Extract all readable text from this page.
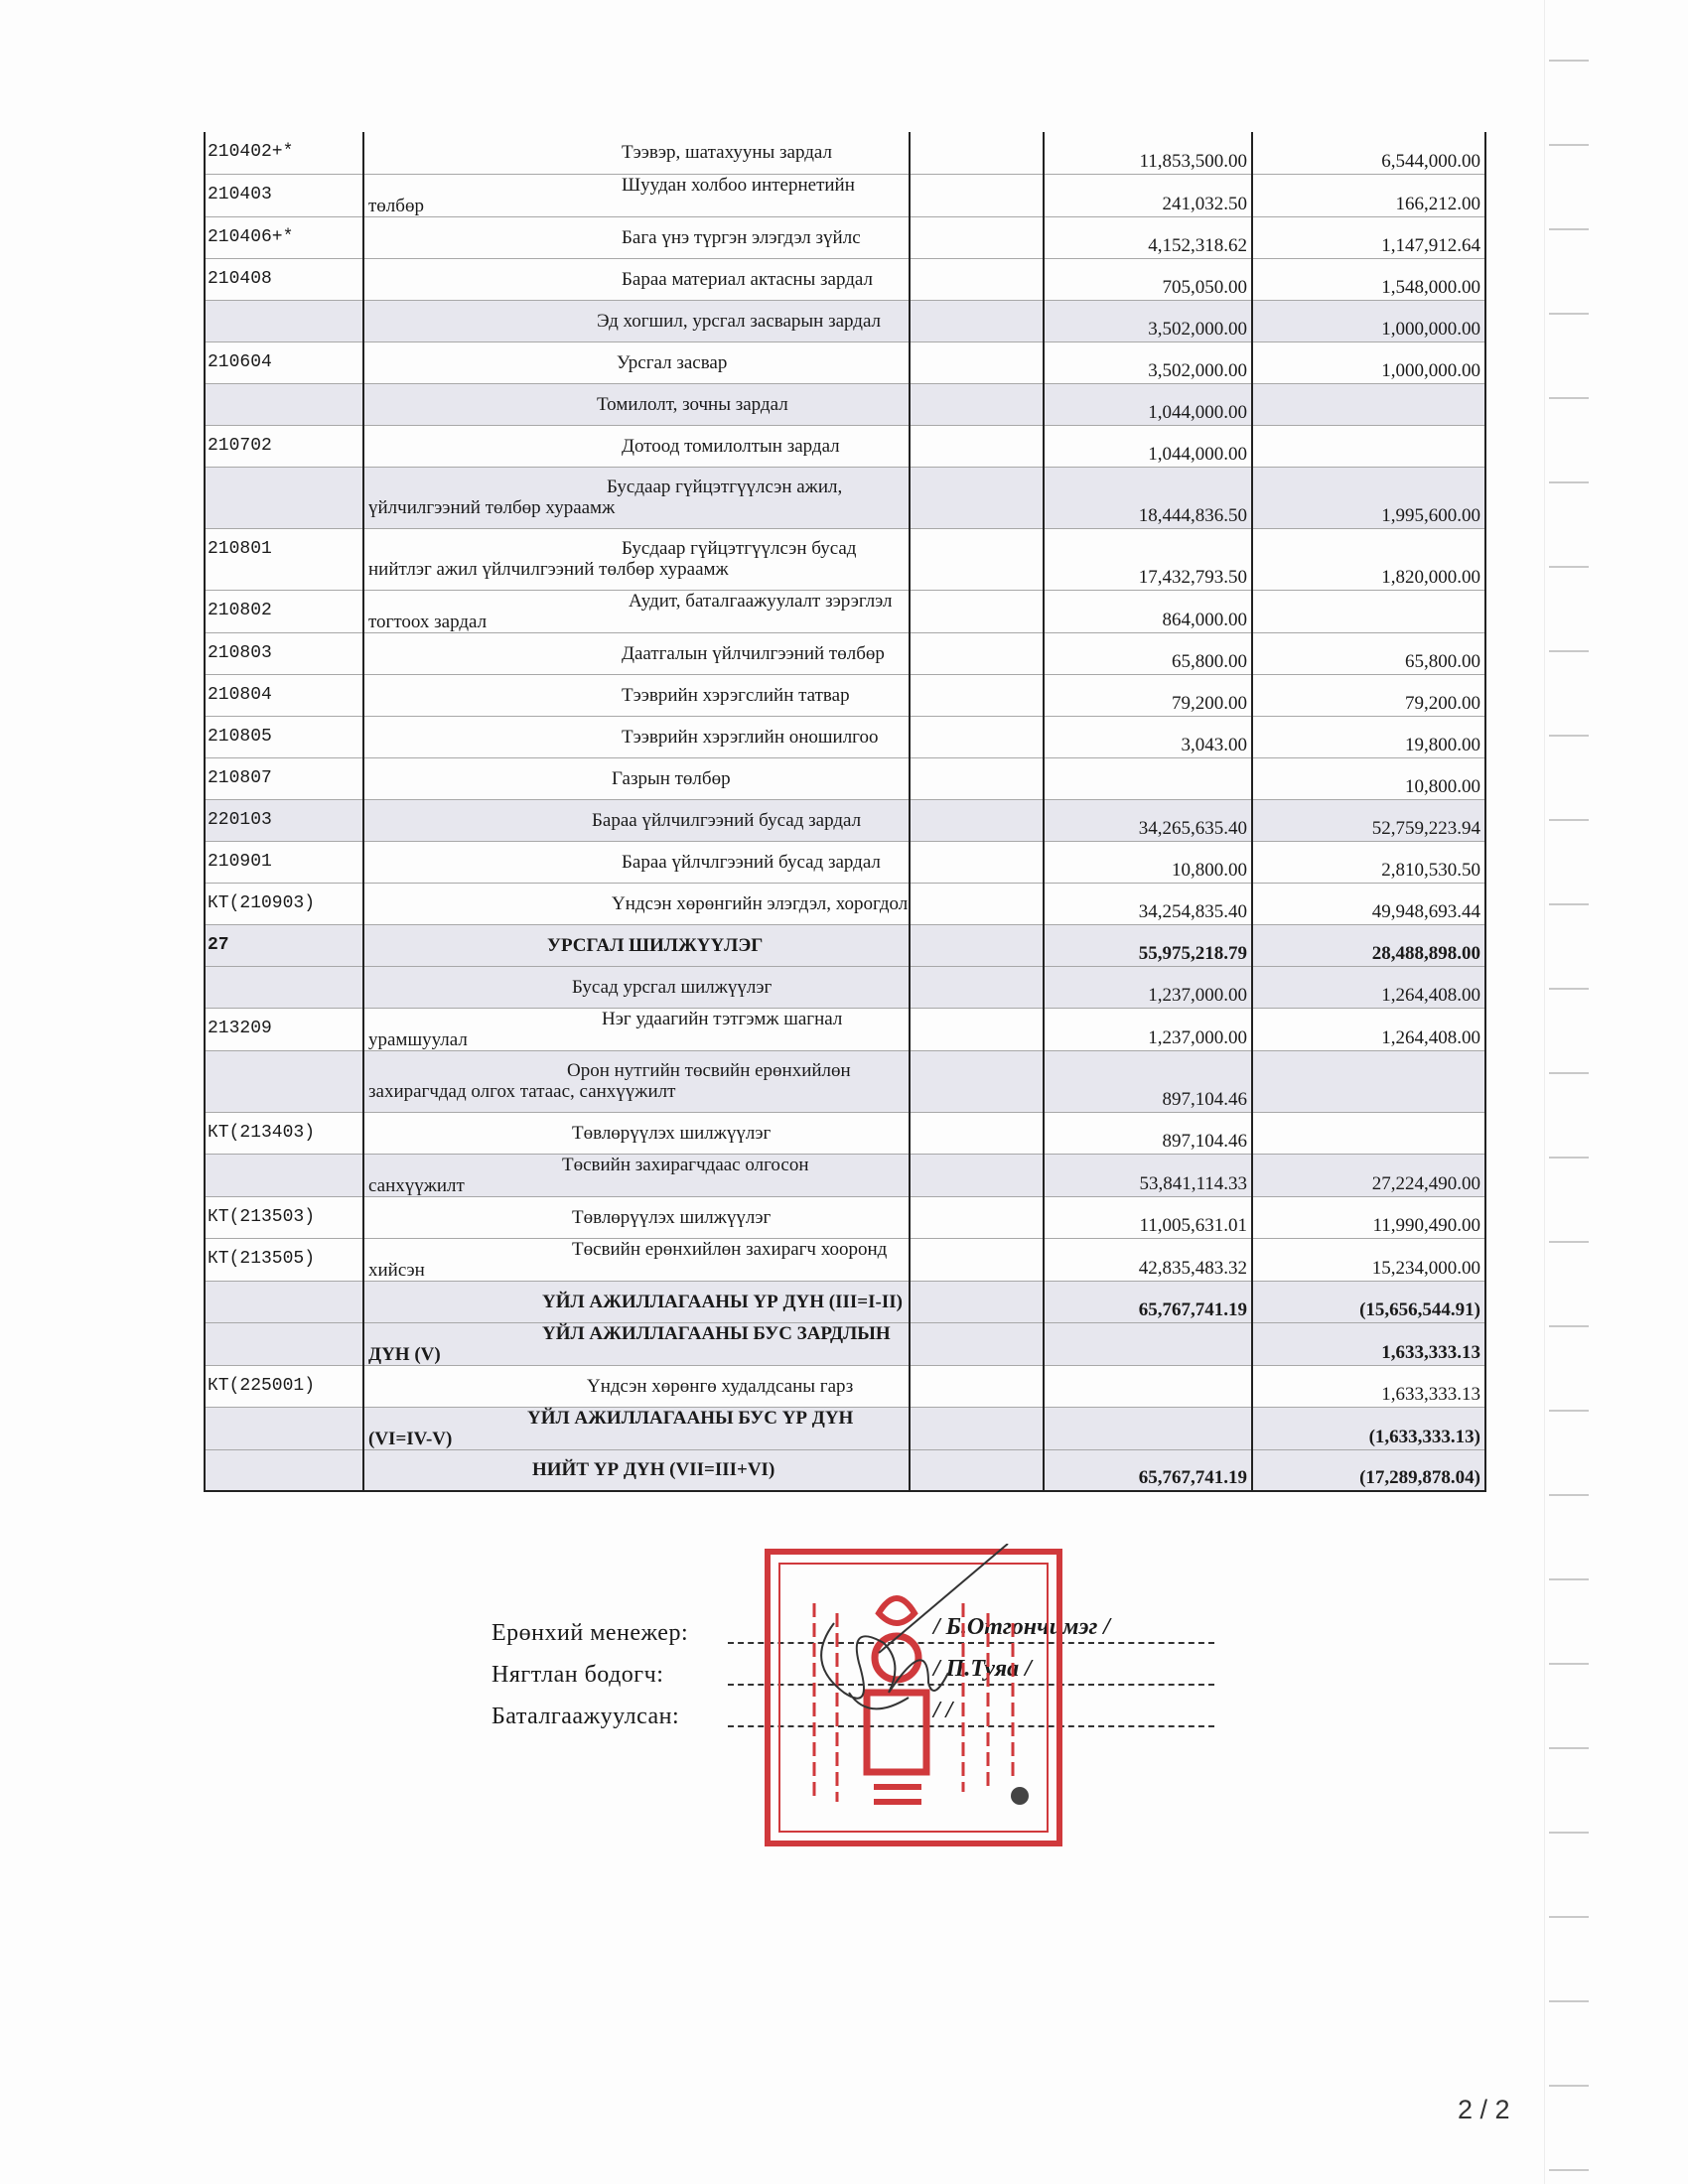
210402+*	Тээвэр, шатахууны зардал		11,853,500.00	6,544,000.00
210403	Шуудан холбоо интернетийн төлбөр		241,032.50	166,212.00
210406+*	Бага үнэ түргэн элэгдэл зүйлс		4,152,318.62	1,147,912.64
210408	Бараа материал актасны зардал		705,050.00	1,548,000.00
	Эд хогшил, урсгал засварын зардал		3,502,000.00	1,000,000.00
210604	Урсгал засвар		3,502,000.00	1,000,000.00
	Томилолт, зочны зардал		1,044,000.00	
210702	Дотоод томилолтын зардал		1,044,000.00	
	Бусдаар гүйцэтгүүлсэн ажил, үйлчилгээний төлбөр хураамж		18,444,836.50	1,995,600.00
210801	Бусдаар гүйцэтгүүлсэн бусад нийтлэг ажил үйлчилгээний төлбөр хураамж		17,432,793.50	1,820,000.00
210802	Аудит, баталгаажуулалт зэрэглэл тогтоох зардал		864,000.00	
210803	Даатгалын үйлчилгээний төлбөр		65,800.00	65,800.00
210804	Тээврийн хэрэгслийн татвар		79,200.00	79,200.00
210805	Тээврийн хэрэглийн оношилгоо		3,043.00	19,800.00
210807	Газрын төлбөр			10,800.00
220103	Бараа үйлчилгээний бусад зардал		34,265,635.40	52,759,223.94
210901	Бараа үйлчлгээний бусад зардал		10,800.00	2,810,530.50
КТ(210903)	Үндсэн хөрөнгийн элэгдэл, хорогдол		34,254,835.40	49,948,693.44
27	УРСГАЛ ШИЛЖҮҮЛЭГ		55,975,218.79	28,488,898.00
	Бусад урсгал шилжүүлэг		1,237,000.00	1,264,408.00
213209	Нэг удаагийн тэтгэмж шагнал урамшуулал		1,237,000.00	1,264,408.00
	Орон нутгийн төсвийн ерөнхийлөн захирагчдад олгох татаас, санхүүжилт		897,104.46	
КТ(213403)	Төвлөрүүлэх шилжүүлэг		897,104.46	
	Төсвийн захирагчдаас олгосон санхүүжилт		53,841,114.33	27,224,490.00
КТ(213503)	Төвлөрүүлэх шилжүүлэг		11,005,631.01	11,990,490.00
КТ(213505)	Төсвийн ерөнхийлөн захирагч хооронд хийсэн		42,835,483.32	15,234,000.00
	ҮЙЛ АЖИЛЛАГААНЫ ҮР ДҮН (III=I-II)		65,767,741.19	(15,656,544.91)
	ҮЙЛ АЖИЛЛАГААНЫ БУС ЗАРДЛЫН ДҮН (V)			1,633,333.13
КТ(225001)	Үндсэн хөрөнгө худалдсаны гарз			1,633,333.13
	ҮЙЛ АЖИЛЛАГААНЫ БУС ҮР ДҮН (VI=IV-V)			(1,633,333.13)
	НИЙТ ҮР ДҮН (VII=III+VI)		65,767,741.19	(17,289,878.04)
Ерөнхий менежер:	/ Б.Отгончимэг /
Нягтлан бодогч:	/ П.Туяа /
Баталгаажуулсан:	/ /
2 / 2
